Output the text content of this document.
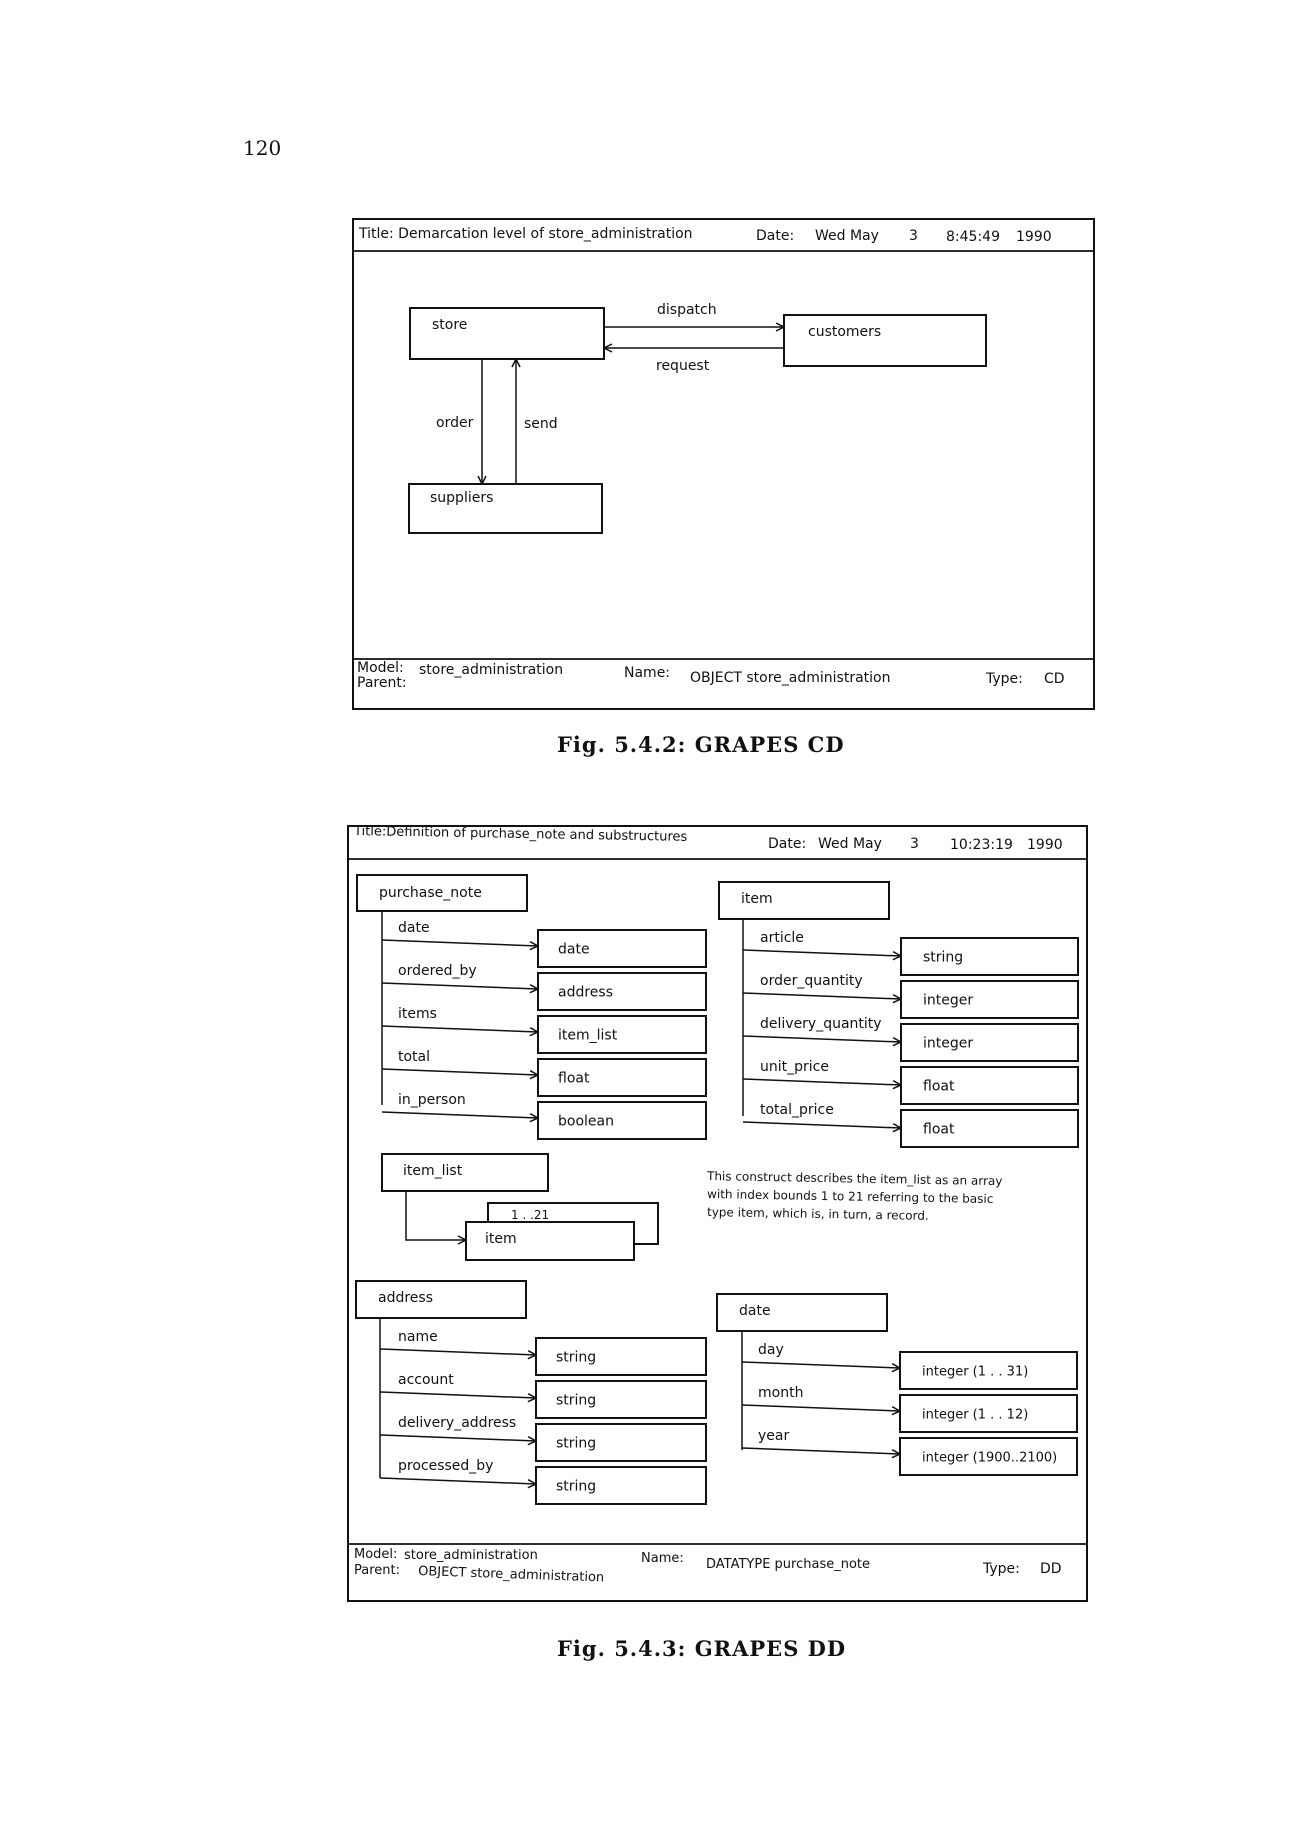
120
Title: Demarcation level of store_administration	Date: Wed May 3 8:45:49 1990
store	customers
suppliers
dispatch
request
order	send
Model: store_administration
Parent:
Name: OBJECT store_administration	Type: CD
Title:Definition of purchase_note and substructures	Date: Wed May 3 10:23:19 1990
purchase_note
date
date
ordered_by
address
items
item_list
total
float
in_person
boolean
item
article
string
order_quantity
integer
delivery_quantity
integer
unit_price
float
total_price
float
item_list
1 . .21
item
This construct describes the item_list as an array
with index bounds 1 to 21 referring to the basic
type item, which is, in turn, a record.
address
name
string
account
string
delivery_address
string
processed_by
string
date
day
integer (1 . . 31)
month
integer (1 . . 12)
year
integer (1900..2100)
Model: store_administration
Parent: OBJECT store_administration
Name: DATATYPE purchase_note	Type: DD
Fig. 5.4.2: GRAPES CD
Fig. 5.4.3: GRAPES DD
